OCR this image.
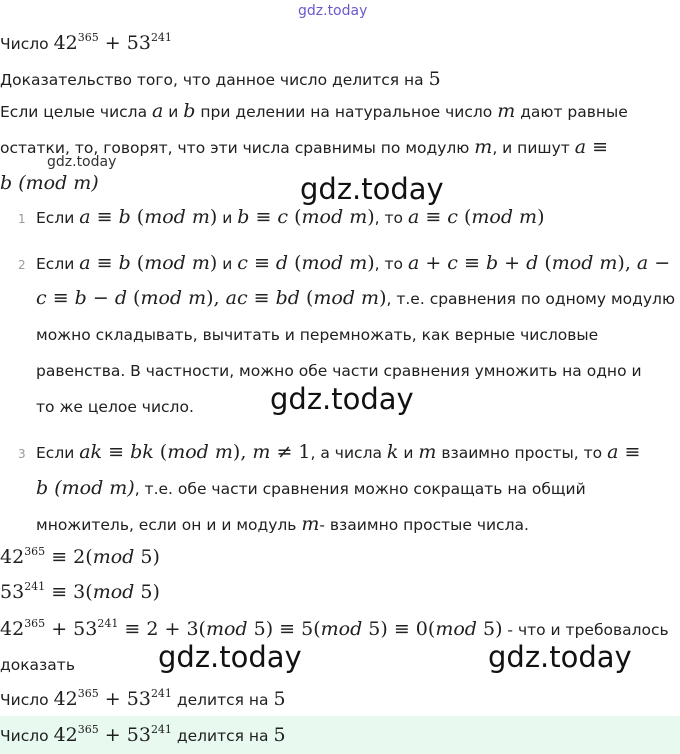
gdz.today
Число $42^{365} + 53^{241}$
Доказательство того, что данное число делится на 5
Если целые числа a и b при делении на натуральное число m дают равные
остатки, то, говорят, что эти числа сравнимы по модулю m, и пишут a ≡
gdz.today
b (mod m)	gdz.today
1 Если a ≡ b (mod m) и b ≡ c (mod m), то a ≡ c (mod m)
2 Если a ≡ b (mod m) и c ≡ d (mod m), то a + c ≡ b + d (mod m), a −
c ≡ b − d (mod m), ac ≡ bd (mod m), т.е. сравнения по одному модулю
можно складывать, вычитать и перемножать, как верные числовые
равенства. В частности, можно обе части сравнения умножить на одно и
то же целое число.	gdz.today
3 Если ak ≡ bk (mod m), m ≠ 1, а числа k и m взаимно просты, то a ≡
b (mod m), т.е. обе части сравнения можно сокращать на общий
множитель, если он и и модуль m- взаимно простые числа.
$42^{365} \equiv 2(mod$ 5)
$53^{241} \equiv 3(mod$ 5)
$42^{365} + 53^{241} \equiv 2 + 3(mod$ 5) ≡ 5(mod 5) ≡ 0(mod 5) - что и требовалось
доказать	gdz.today	gdz.today
Число $42^{365} + 53^{241}$ делится на 5
Число $42^{365} + 53^{241}$ делится на 5
